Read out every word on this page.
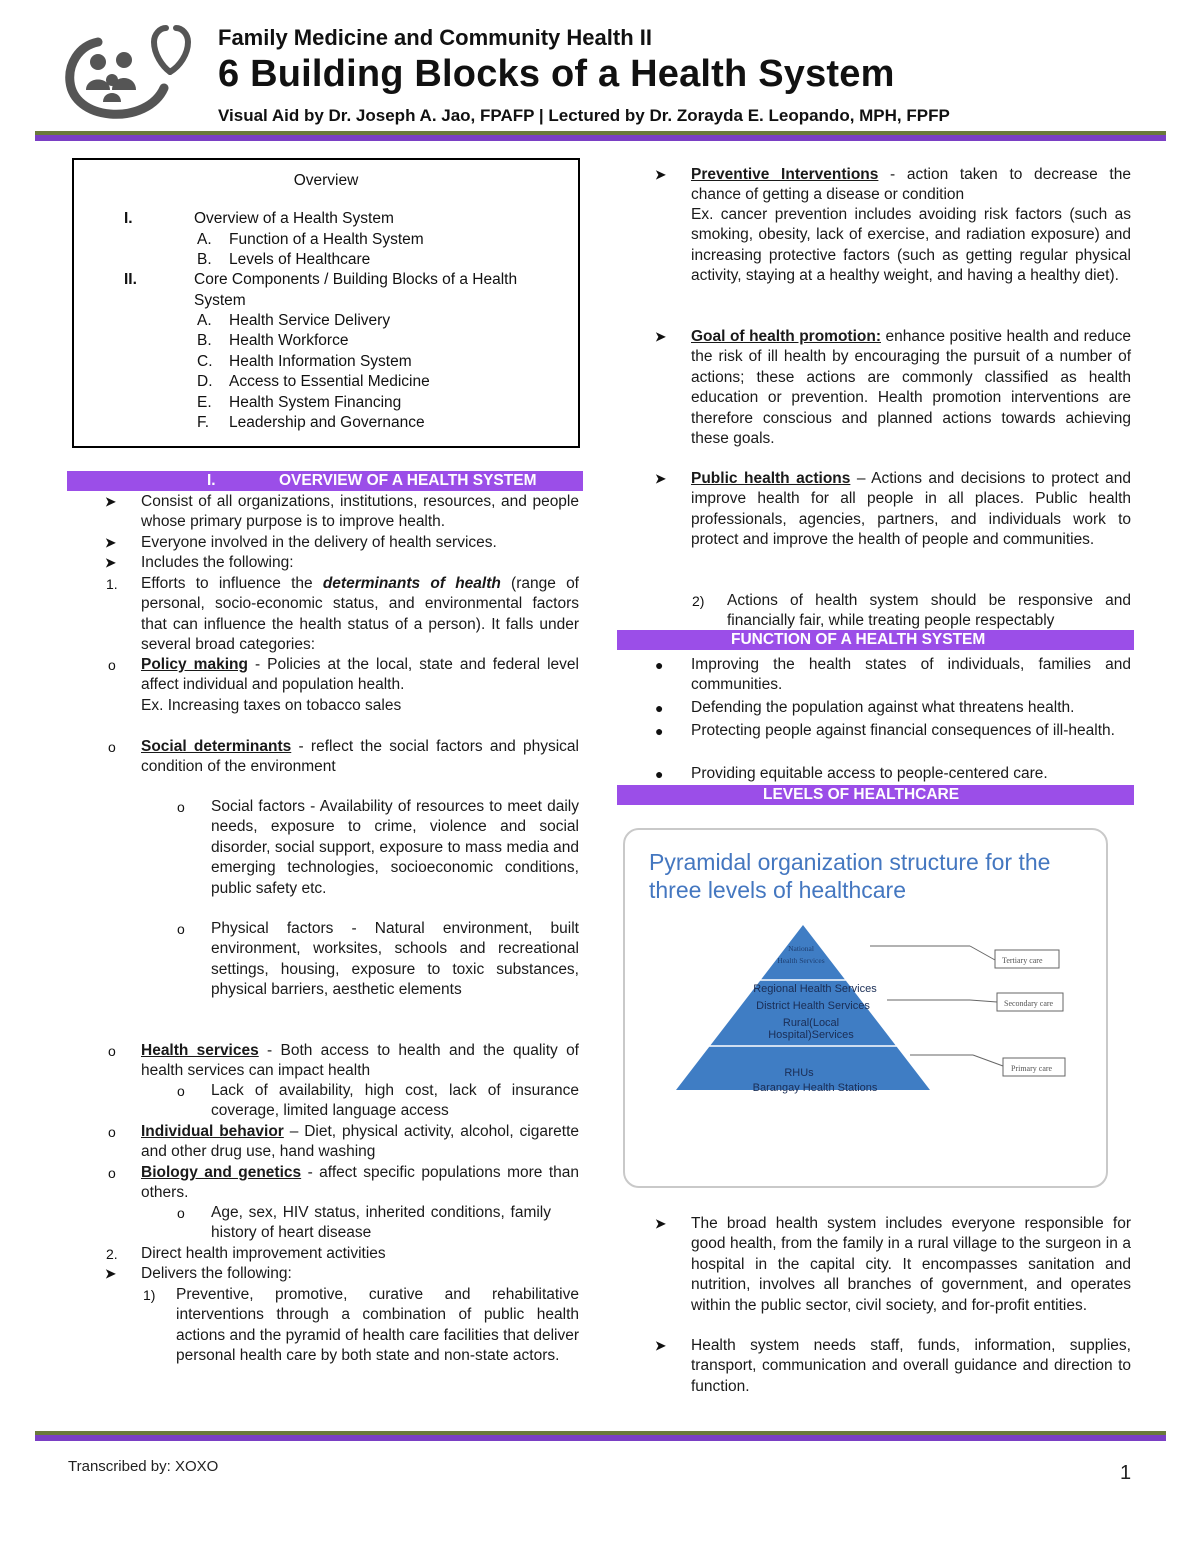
Family Medicine and Community Health II
6 Building Blocks of a Health System
Visual Aid by Dr. Joseph A. Jao, FPAFP | Lectured by Dr. Zorayda E. Leopando, MPH, FPFP
Overview
I.	Overview of a Health System
A. Function of a Health System
B. Levels of Healthcare
II.	Core Components / Building Blocks of a Health
System
A. Health Service Delivery
B. Health Workforce
C. Health Information System
D. Access to Essential Medicine
E. Health System Financing
F. Leadership and Governance
I.	OVERVIEW OF A HEALTH SYSTEM
➤ Consist of all organizations, institutions, resources, and people whose primary purpose is to improve health.
➤ Everyone involved in the delivery of health services.
➤ Includes the following:
1. Efforts to influence the determinants of health (range of personal, socio-economic status, and environmental factors that can influence the health status of a person). It falls under several broad categories:
o Policy making - Policies at the local, state and federal level affect individual and population health.
Ex. Increasing taxes on tobacco sales
o Social determinants - reflect the social factors and physical condition of the environment
o Social factors - Availability of resources to meet daily needs, exposure to crime, violence and social disorder, social support, exposure to mass media and emerging technologies, socioeconomic conditions, public safety etc.
o Physical factors - Natural environment, built environment, worksites, schools and recreational settings, housing, exposure to toxic substances, physical barriers, aesthetic elements
o Health services - Both access to health and the quality of health services can impact health
o Lack of availability, high cost, lack of insurance coverage, limited language access
o Individual behavior – Diet, physical activity, alcohol, cigarette and other drug use, hand washing
o Biology and genetics - affect specific populations more than others.
o Age, sex, HIV status, inherited conditions, family history of heart disease
2. Direct health improvement activities
➤ Delivers the following:
1) Preventive, promotive, curative and rehabilitative interventions through a combination of public health actions and the pyramid of health care facilities that deliver personal health care by both state and non-state actors.
➤ Preventive Interventions - action taken to decrease the chance of getting a disease or condition
Ex. cancer prevention includes avoiding risk factors (such as smoking, obesity, lack of exercise, and radiation exposure) and increasing protective factors (such as getting regular physical activity, staying at a healthy weight, and having a healthy diet).
➤ Goal of health promotion: enhance positive health and reduce the risk of ill health by encouraging the pursuit of a number of actions; these actions are commonly classified as health education or prevention. Health promotion interventions are therefore conscious and planned actions towards achieving these goals.
➤ Public health actions – Actions and decisions to protect and improve health for all people in all places. Public health professionals, agencies, partners, and individuals work to protect and improve the health of people and communities.
2) Actions of health system should be responsive and financially fair, while treating people respectably
FUNCTION OF A HEALTH SYSTEM
● Improving the health states of individuals, families and communities.
● Defending the population against what threatens health.
● Protecting people against financial consequences of ill-health.
● Providing equitable access to people-centered care.
LEVELS OF HEALTHCARE
Pyramidal organization structure for the
three levels of healthcare
Tertiary care
Secondary care
Primary care
National
Health Services
Regional Health Services
District Health Services
Rural(Local
Hospital)Services
RHUs
Barangay Health Stations
➤ The broad health system includes everyone responsible for good health, from the family in a rural village to the surgeon in a hospital in the capital city. It encompasses sanitation and nutrition, involves all branches of government, and operates within the public sector, civil society, and for-profit entities.
➤ Health system needs staff, funds, information, supplies, transport, communication and overall guidance and direction to function.
Transcribed by: XOXO	1
